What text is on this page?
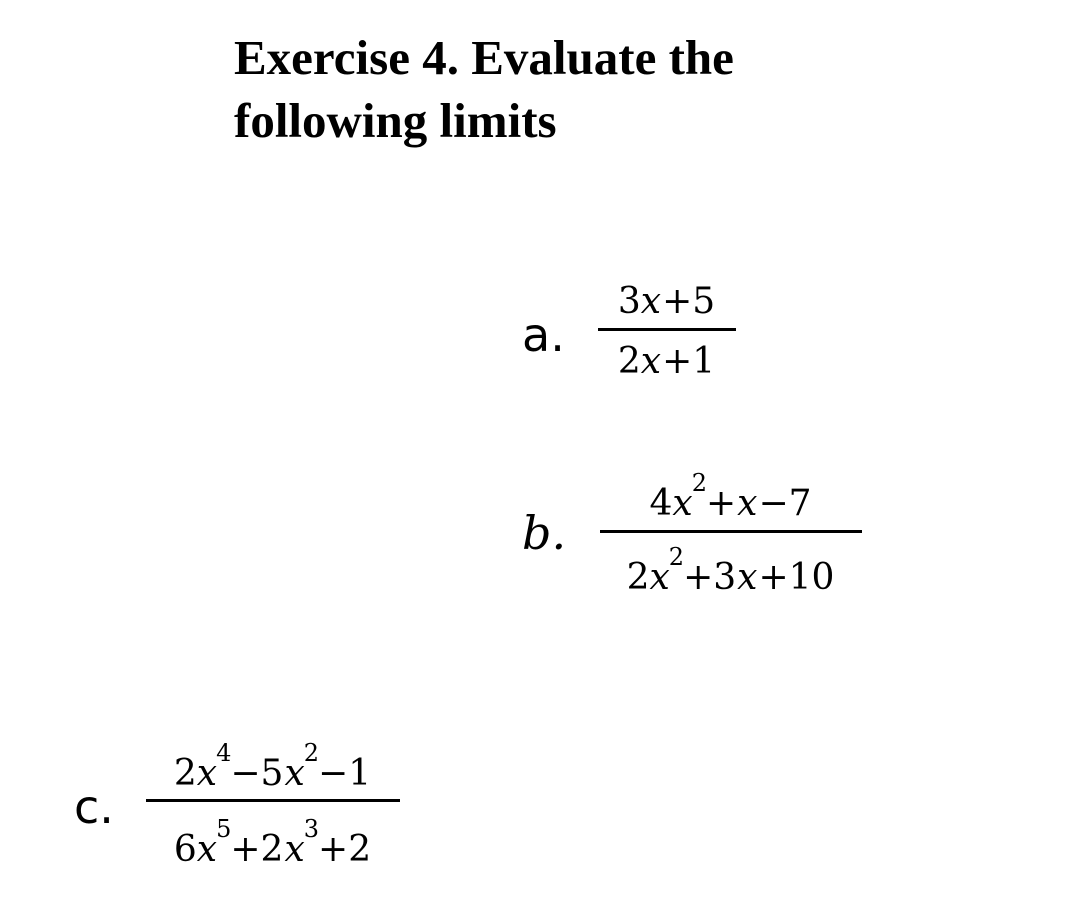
Exercise 4. Evaluate the
following limits
a.
3x+5
2x+1
b.
$4x^2+x-7$
$2x^2+3x+10$
c.
$2x^4-5x^2-1$
$6x^5+2x^3+2$
